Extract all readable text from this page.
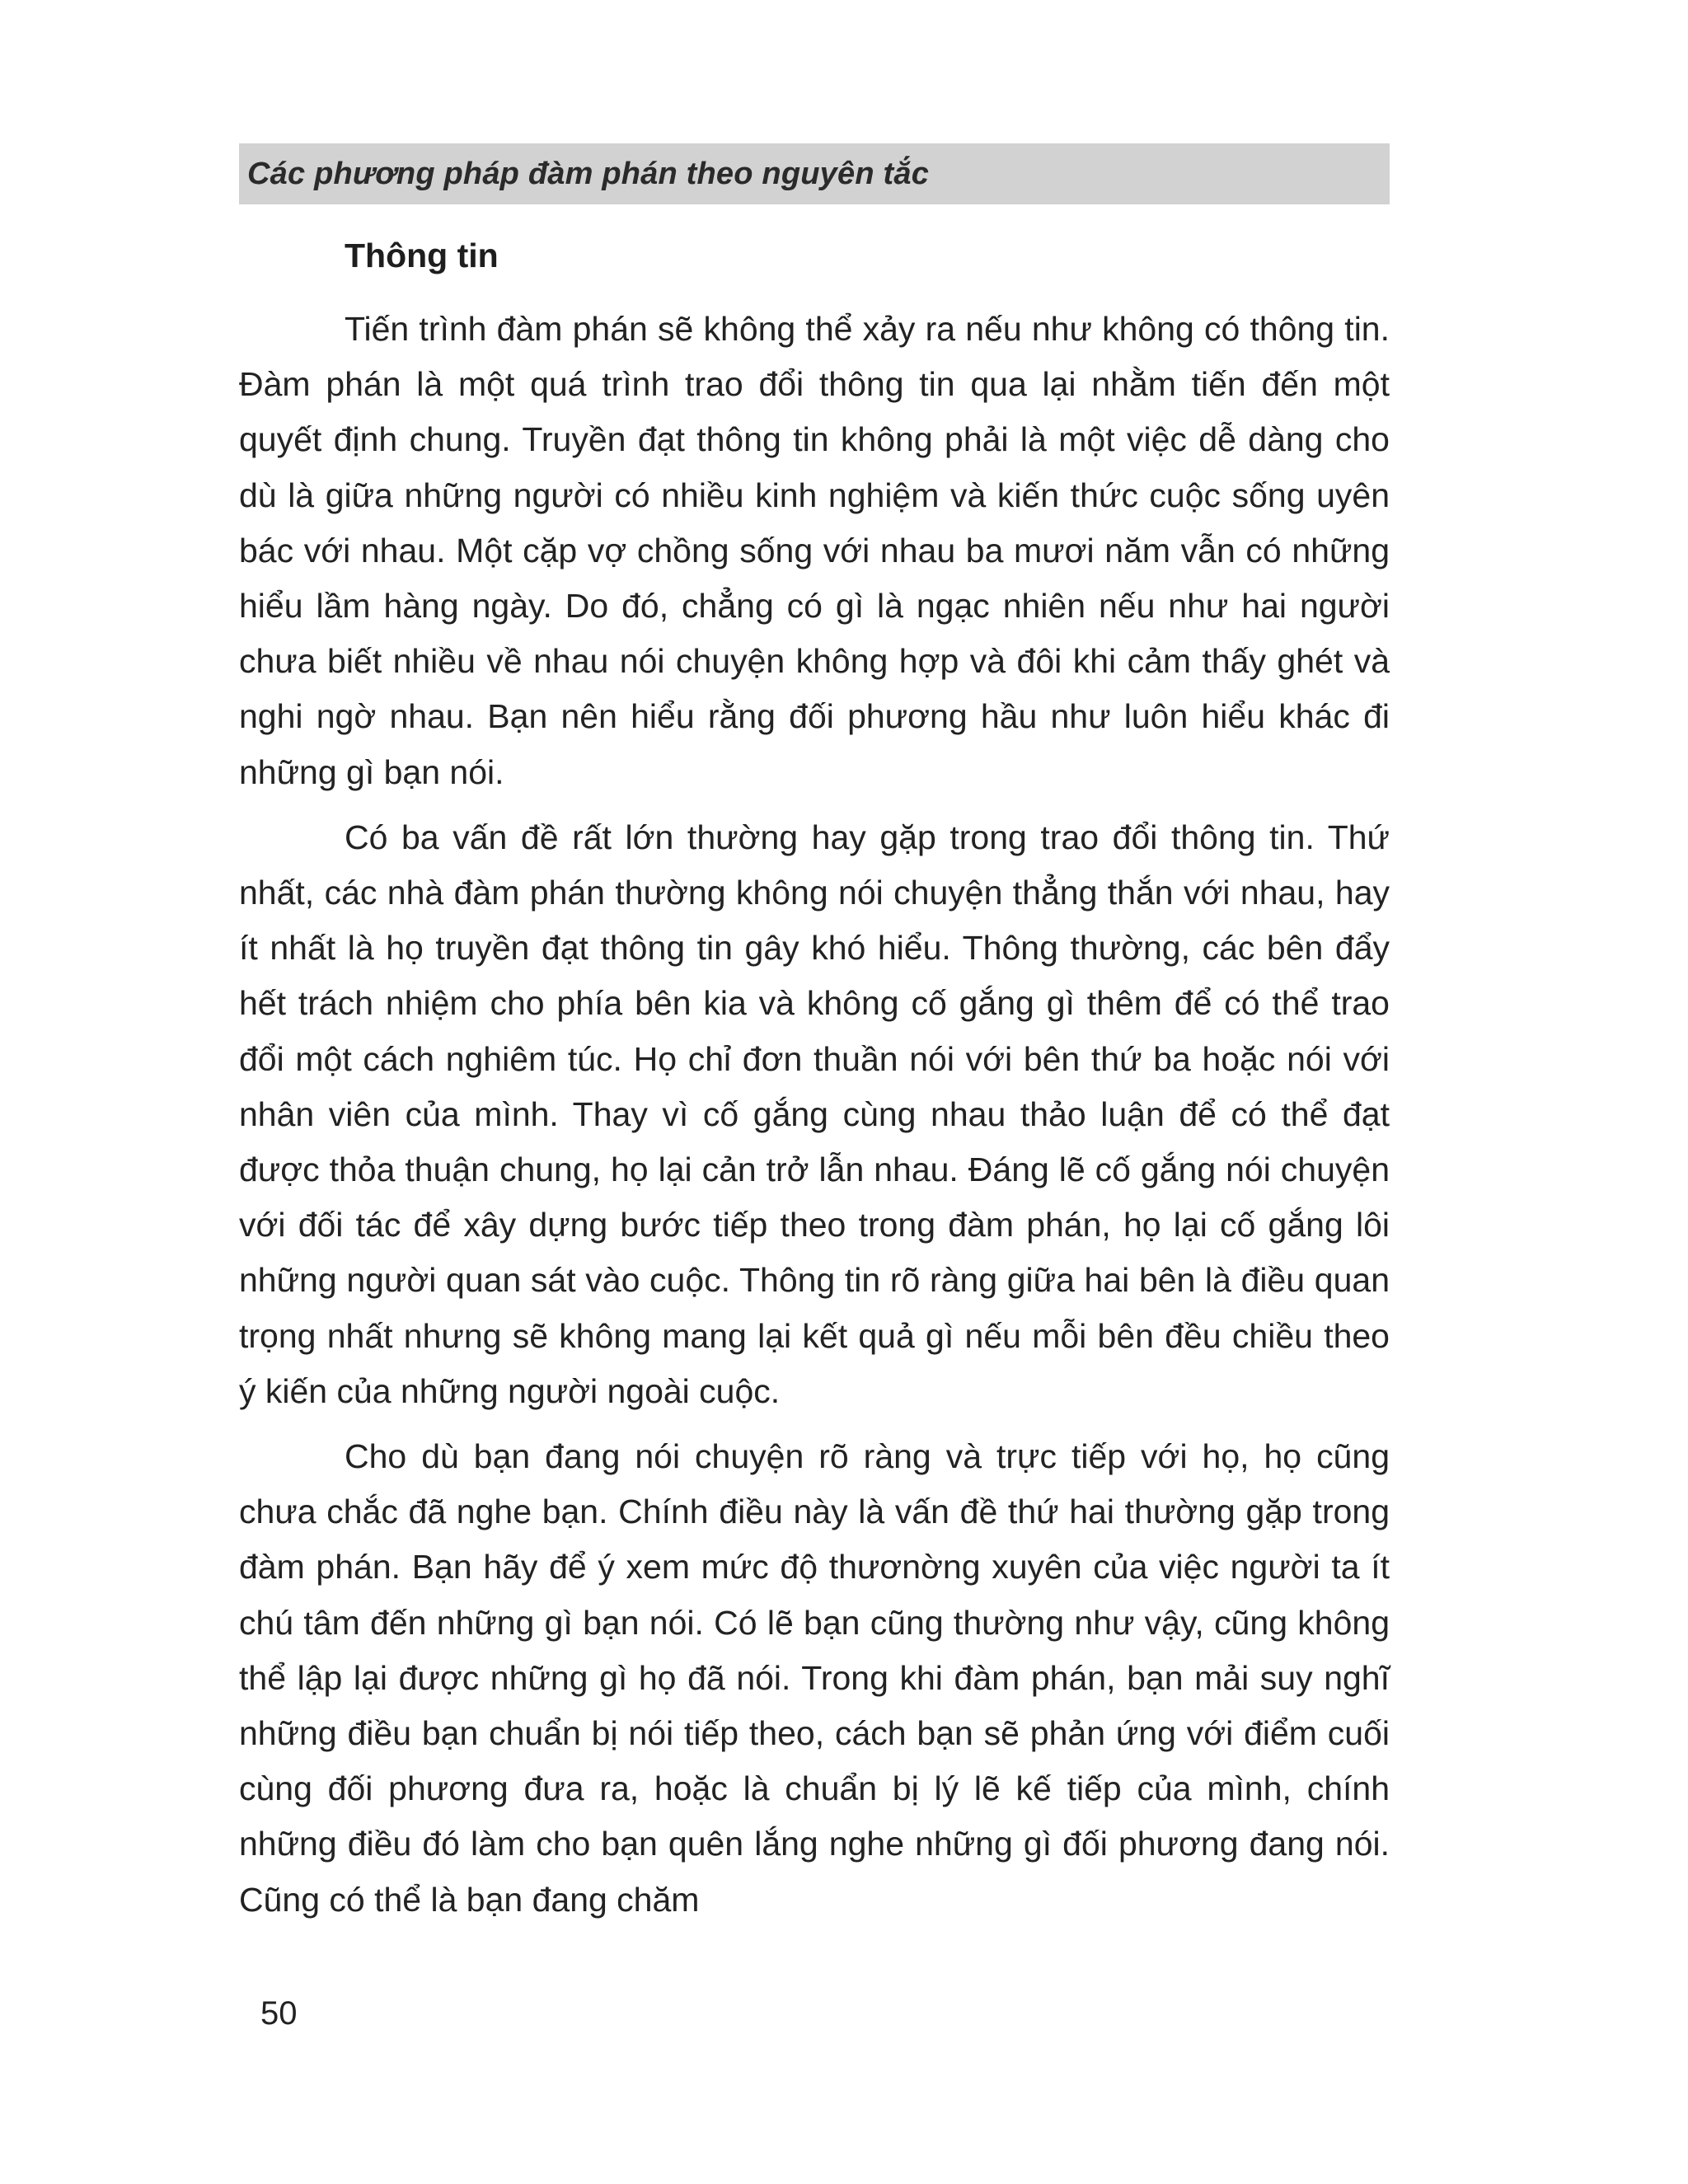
Các phương pháp đàm phán theo nguyên tắc
Thông tin

Tiến trình đàm phán sẽ không thể xảy ra nếu như không có thông tin. Đàm phán là một quá trình trao đổi thông tin qua lại nhằm tiến đến một quyết định chung. Truyền đạt thông tin không phải là một việc dễ dàng cho dù là giữa những người có nhiều kinh nghiệm và kiến thức cuộc sống uyên bác với nhau. Một cặp vợ chồng sống với nhau ba mươi năm vẫn có những hiểu lầm hàng ngày. Do đó, chẳng có gì là ngạc nhiên nếu như hai người chưa biết nhiều về nhau nói chuyện không hợp và đôi khi cảm thấy ghét và nghi ngờ nhau. Bạn nên hiểu rằng đối phương hầu như luôn hiểu khác đi những gì bạn nói.

Có ba vấn đề rất lớn thường hay gặp trong trao đổi thông tin. Thứ nhất, các nhà đàm phán thường không nói chuyện thẳng thắn với nhau, hay ít nhất là họ truyền đạt thông tin gây khó hiểu. Thông thường, các bên đẩy hết trách nhiệm cho phía bên kia và không cố gắng gì thêm để có thể trao đổi một cách nghiêm túc. Họ chỉ đơn thuần nói với bên thứ ba hoặc nói với nhân viên của mình. Thay vì cố gắng cùng nhau thảo luận để có thể đạt được thỏa thuận chung, họ lại cản trở lẫn nhau. Đáng lẽ cố gắng nói chuyện với đối tác để xây dựng bước tiếp theo trong đàm phán, họ lại cố gắng lôi những người quan sát vào cuộc. Thông tin rõ ràng giữa hai bên là điều quan trọng nhất nhưng sẽ không mang lại kết quả gì nếu mỗi bên đều chiều theo ý kiến của những người ngoài cuộc.

Cho dù bạn đang nói chuyện rõ ràng và trực tiếp với họ, họ cũng chưa chắc đã nghe bạn. Chính điều này là vấn đề thứ hai thường gặp trong đàm phán. Bạn hãy để ý xem mức độ thươnờng xuyên của việc người ta ít chú tâm đến những gì bạn nói. Có lẽ bạn cũng thường như vậy, cũng không thể lập lại được những gì họ đã nói. Trong khi đàm phán, bạn mải suy nghĩ những điều bạn chuẩn bị nói tiếp theo, cách bạn sẽ phản ứng với điểm cuối cùng đối phương đưa ra, hoặc là chuẩn bị lý lẽ kế tiếp của mình, chính những điều đó làm cho bạn quên lắng nghe những gì đối phương đang nói. Cũng có thể là bạn đang chăm

50
